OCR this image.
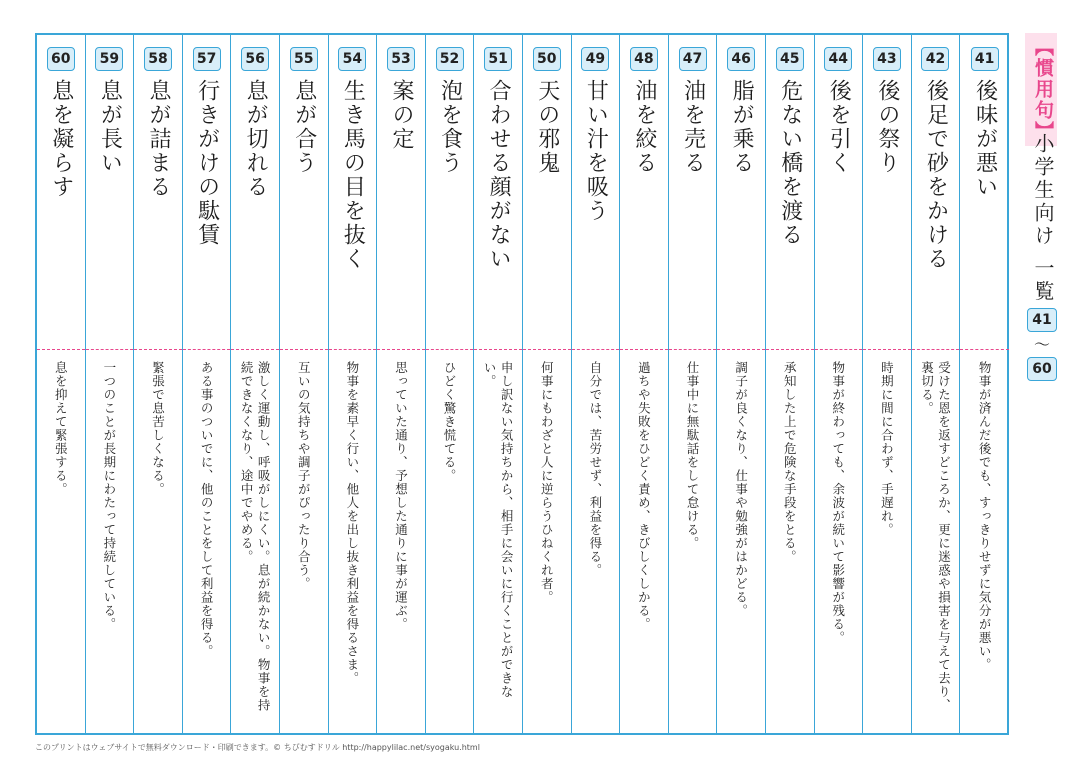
60
息を凝らす
息を抑えて緊張する。
59
息が長い
一つのことが長期にわたって持続している。
58
息が詰まる
緊張で息苦しくなる。
57
行きがけの駄賃
ある事のついでに、他のことをして利益を得る。
56
息が切れる
激しく運動し、呼吸がしにくい。息が続かない。物事を持続できなくなり、途中でやめる。
55
息が合う
互いの気持ちや調子がぴったり合う。
54
生き馬の目を抜く
物事を素早く行い、他人を出し抜き利益を得るさま。
53
案の定
思っていた通り、予想した通りに事が運ぶ。
52
泡を食う
ひどく驚き慌てる。
51
合わせる顔がない
申し訳ない気持ちから、相手に会いに行くことができない。
50
天の邪鬼
何事にもわざと人に逆らうひねくれ者。
49
甘い汁を吸う
自分では、苦労せず、利益を得る。
48
油を絞る
過ちや失敗をひどく責め、きびしくしかる。
47
油を売る
仕事中に無駄話をして怠ける。
46
脂が乗る
調子が良くなり、仕事や勉強がはかどる。
45
危ない橋を渡る
承知した上で危険な手段をとる。
44
後を引く
物事が終わっても、余波が続いて影響が残る。
43
後の祭り
時期に間に合わず、手遅れ。
42
後足で砂をかける
受けた恩を返すどころか、更に迷惑や損害を与えて去り、裏切る。
41
後味が悪い
物事が済んだ後でも、すっきりせずに気分が悪い。
【慣用句】
小学生向け 一覧
41
〜
60
このプリントはウェブサイトで無料ダウンロード・印刷できます。© ちびむすドリル http://happylilac.net/syogaku.html
